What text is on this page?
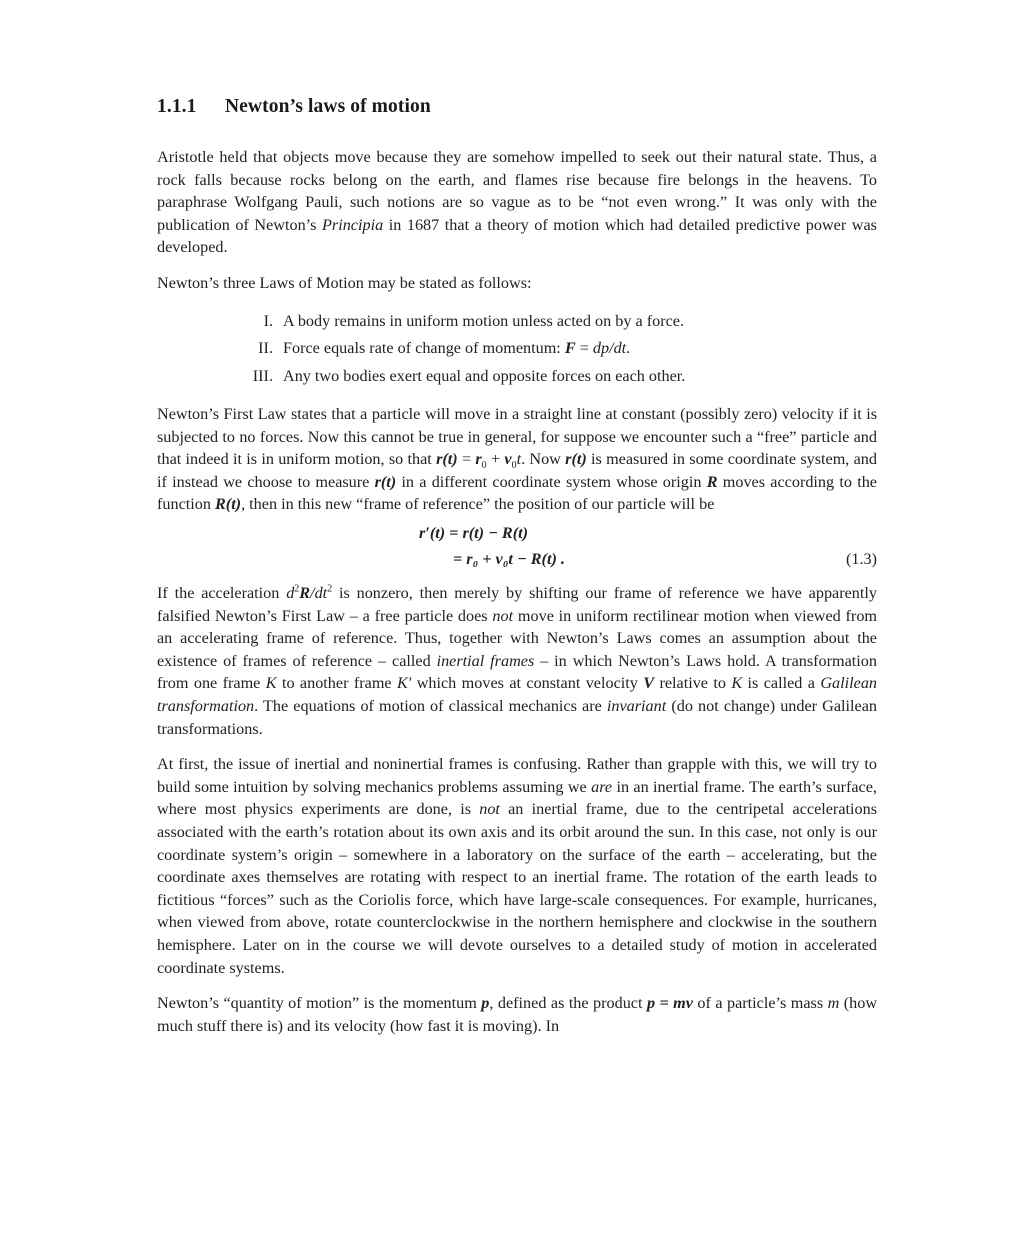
1.1.1 Newton’s laws of motion

Aristotle held that objects move because they are somehow impelled to seek out their natural state. Thus, a rock falls because rocks belong on the earth, and flames rise because fire belongs in the heavens. To paraphrase Wolfgang Pauli, such notions are so vague as to be “not even wrong.” It was only with the publication of Newton’s Principia in 1687 that a theory of motion which had detailed predictive power was developed.

Newton’s three Laws of Motion may be stated as follows:

I. A body remains in uniform motion unless acted on by a force.
II. Force equals rate of change of momentum: F = dp/dt.
III. Any two bodies exert equal and opposite forces on each other.

Newton’s First Law states that a particle will move in a straight line at constant (possibly zero) velocity if it is subjected to no forces. Now this cannot be true in general, for suppose we encounter such a “free” particle and that indeed it is in uniform motion, so that $r(t) = r_0 + v_0t$. Now r(t) is measured in some coordinate system, and if instead we choose to measure r(t) in a different coordinate system whose origin R moves according to the function R(t), then in this new “frame of reference” the position of our particle will be

r′(t) = r(t) − R(t)
= r₀ + v₀t − R(t) .	(1.3)

If the acceleration $d^2R/dt^2$ is nonzero, then merely by shifting our frame of reference we have apparently falsified Newton’s First Law – a free particle does not move in uniform rectilinear motion when viewed from an accelerating frame of reference. Thus, together with Newton’s Laws comes an assumption about the existence of frames of reference – called inertial frames – in which Newton’s Laws hold. A transformation from one frame K to another frame K′ which moves at constant velocity V relative to K is called a Galilean transformation. The equations of motion of classical mechanics are invariant (do not change) under Galilean transformations.

At first, the issue of inertial and noninertial frames is confusing. Rather than grapple with this, we will try to build some intuition by solving mechanics problems assuming we are in an inertial frame. The earth’s surface, where most physics experiments are done, is not an inertial frame, due to the centripetal accelerations associated with the earth’s rotation about its own axis and its orbit around the sun. In this case, not only is our coordinate system’s origin – somewhere in a laboratory on the surface of the earth – accelerating, but the coordinate axes themselves are rotating with respect to an inertial frame. The rotation of the earth leads to fictitious “forces” such as the Coriolis force, which have large-scale consequences. For example, hurricanes, when viewed from above, rotate counterclockwise in the northern hemisphere and clockwise in the southern hemisphere. Later on in the course we will devote ourselves to a detailed study of motion in accelerated coordinate systems.

Newton’s “quantity of motion” is the momentum p, defined as the product p = mv of a particle’s mass m (how much stuff there is) and its velocity (how fast it is moving). In
